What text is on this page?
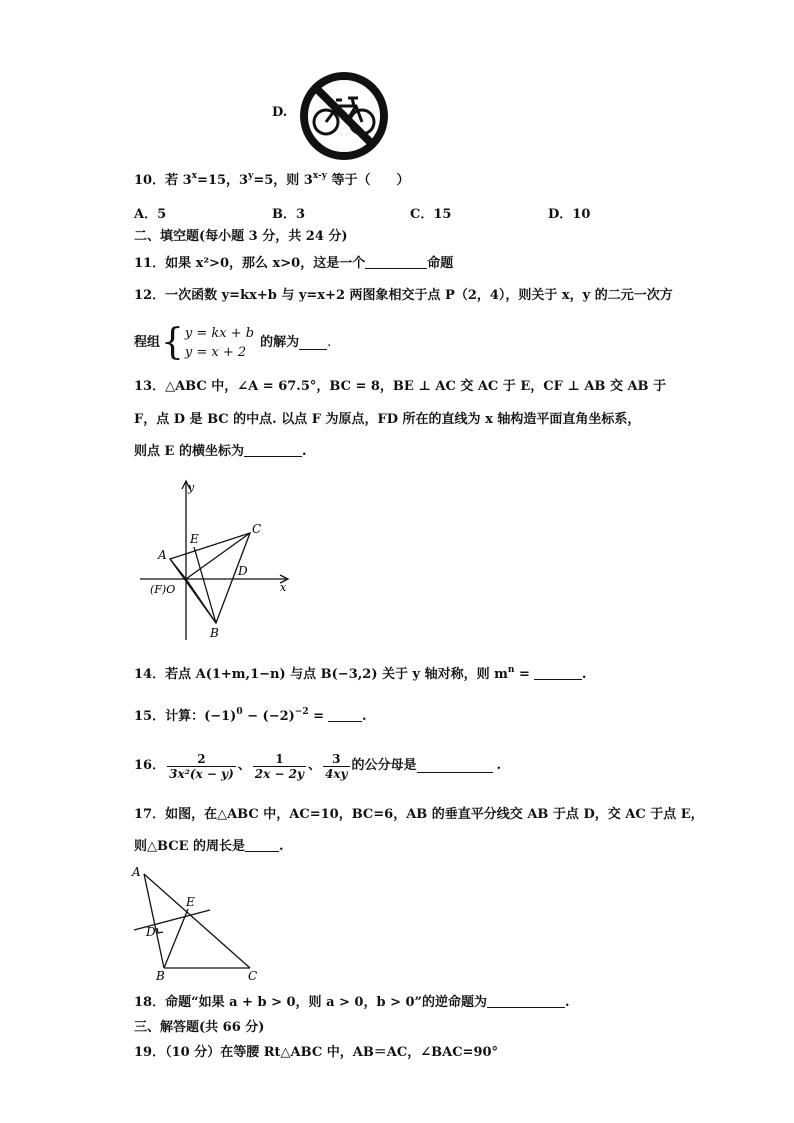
D.
10．若 $3^x=15$，$3^y=5$，则 3$^{x-y}$ 等于（　　）
A．5	B．3	C．15	D．10
二、填空题(每小题 3 分，共 24 分)
11．如果 x²>0，那么 x>0，这是一个	命题
12．一次函数 y=kx+b 与 y=x+2 两图象相交于点 P（2，4），则关于 x，y 的二元一次方
程组 { y = kx + b
y = x + 2
的解为 .
13．△ABC 中，∠A = 67.5°，BC = 8，BE ⊥ AC 交 AC 于 E，CF ⊥ AB 交 AB 于
F，点 D 是 BC 的中点. 以点 F 为原点，FD 所在的直线为 x 轴构造平面直角坐标系，
则点 E 的横坐标为	.
y
x
A
E
C
D
(F)O
B
14．若点 A(1+m,1−n) 与点 B(−3,2) 关于 y 轴对称，则 $m^n$ =	.
15．计算：$(-1)^0 - (-2)^{-2}$ =	.
16． $\frac{2}{\text{3x²(x − y)}}$ 、 $\frac{1}{2x - 2y}$ 、 $\frac{3}{4xy}$ 的公分母是	.
17．如图，在△ABC 中，AC=10，BC=6，AB 的垂直平分线交 AB 于点 D，交 AC 于点 E，
则△BCE 的周长是	.
A
E
D
B	C
18．命题“如果 a + b > 0，则 a > 0，b > 0”的逆命题为	.
三、解答题(共 66 分)
19．（10 分）在等腰 Rt△ABC 中，AB＝AC，∠BAC=90°
